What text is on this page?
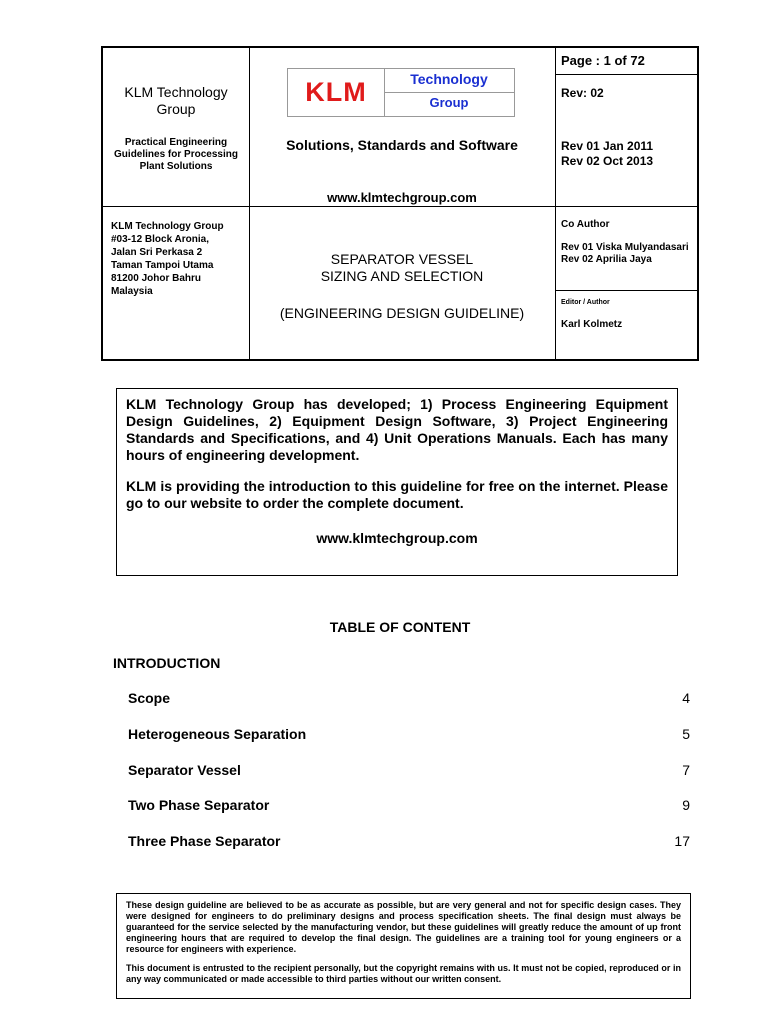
KLM Technology Group
Practical Engineering Guidelines for Processing Plant Solutions
KLM Technology Group
#03-12 Block Aronia,
Jalan Sri Perkasa 2
Taman Tampoi Utama
81200 Johor Bahru
Malaysia
KLM	Technology
Group
Solutions, Standards and Software
www.klmtechgroup.com
SEPARATOR VESSEL
SIZING AND SELECTION
(ENGINEERING DESIGN GUIDELINE)
Page : 1 of 72
Rev: 02
Rev 01 Jan 2011
Rev 02 Oct 2013
Co Author
Rev 01 Viska Mulyandasari
Rev 02 Aprilia Jaya
Editor / Author
Karl Kolmetz

KLM Technology Group has developed; 1) Process Engineering Equipment Design Guidelines, 2) Equipment Design Software, 3) Project Engineering Standards and Specifications, and 4) Unit Operations Manuals. Each has many hours of engineering development.

KLM is providing the introduction to this guideline for free on the internet. Please go to our website to order the complete document.

www.klmtechgroup.com

TABLE OF CONTENT
INTRODUCTION
Scope	4
Heterogeneous Separation	5
Separator Vessel	7
Two Phase Separator	9
Three Phase Separator	17

These design guideline are believed to be as accurate as possible, but are very general and not for specific design cases. They were designed for engineers to do preliminary designs and process specification sheets. The final design must always be guaranteed for the service selected by the manufacturing vendor, but these guidelines will greatly reduce the amount of up front engineering hours that are required to develop the final design. The guidelines are a training tool for young engineers or a resource for engineers with experience.

This document is entrusted to the recipient personally, but the copyright remains with us. It must not be copied, reproduced or in any way communicated or made accessible to third parties without our written consent.
